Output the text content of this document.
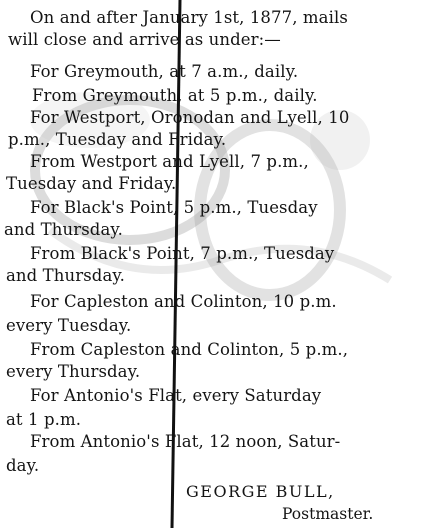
On and after January 1st, 1877, mails
will close and arrive as under:—
For Greymouth, at 7 a.m., daily.
From Greymouth, at 5 p.m., daily.
For Westport, Oronodan and Lyell, 10
p.m., Tuesday and Friday.
From Westport and Lyell, 7 p.m.,
Tuesday and Friday.
For Black's Point, 5 p.m., Tuesday
and Thursday.
From Black's Point, 7 p.m., Tuesday
and Thursday.
For Capleston and Colinton, 10 p.m.
every Tuesday.
From Capleston and Colinton, 5 p.m.,
every Thursday.
For Antonio's Flat, every Saturday
at 1 p.m.
From Antonio's Flat, 12 noon, Satur-
day.
GEORGE BULL,
Postmaster.
